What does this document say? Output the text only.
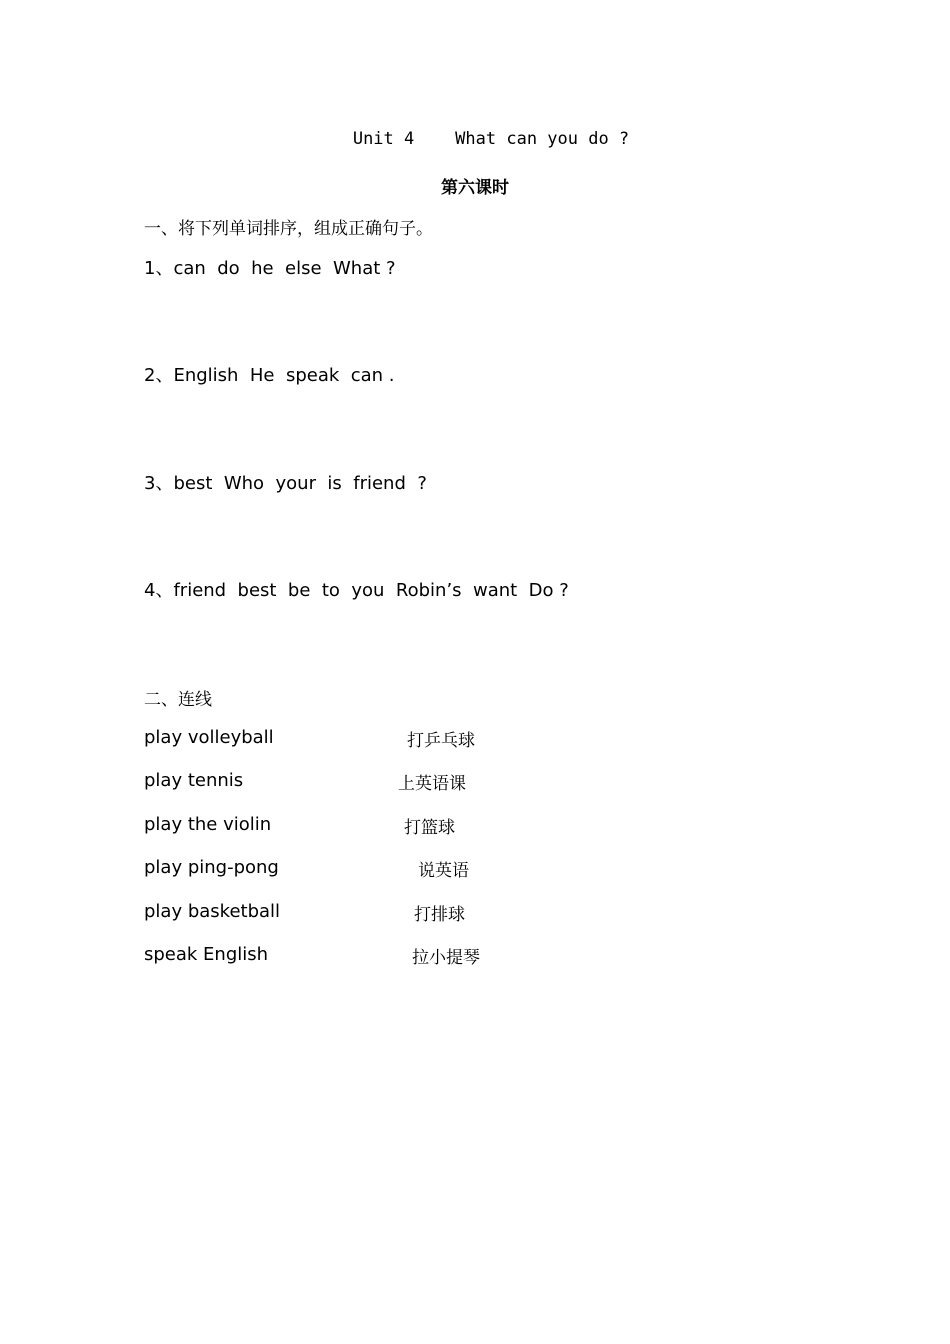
Unit 4    What can you do ?
第六课时
一、将下列单词排序，组成正确句子。
1、can  do  he  else  What ?
2、English  He  speak  can .
3、best  Who  your  is  friend  ?
4、friend  best  be  to  you  Robin’s  want  Do ?
二、连线
play volleyball
play tennis
play the violin
play ping-pong
play basketball
speak English
打乒乓球
上英语课
打篮球
说英语
打排球
拉小提琴
